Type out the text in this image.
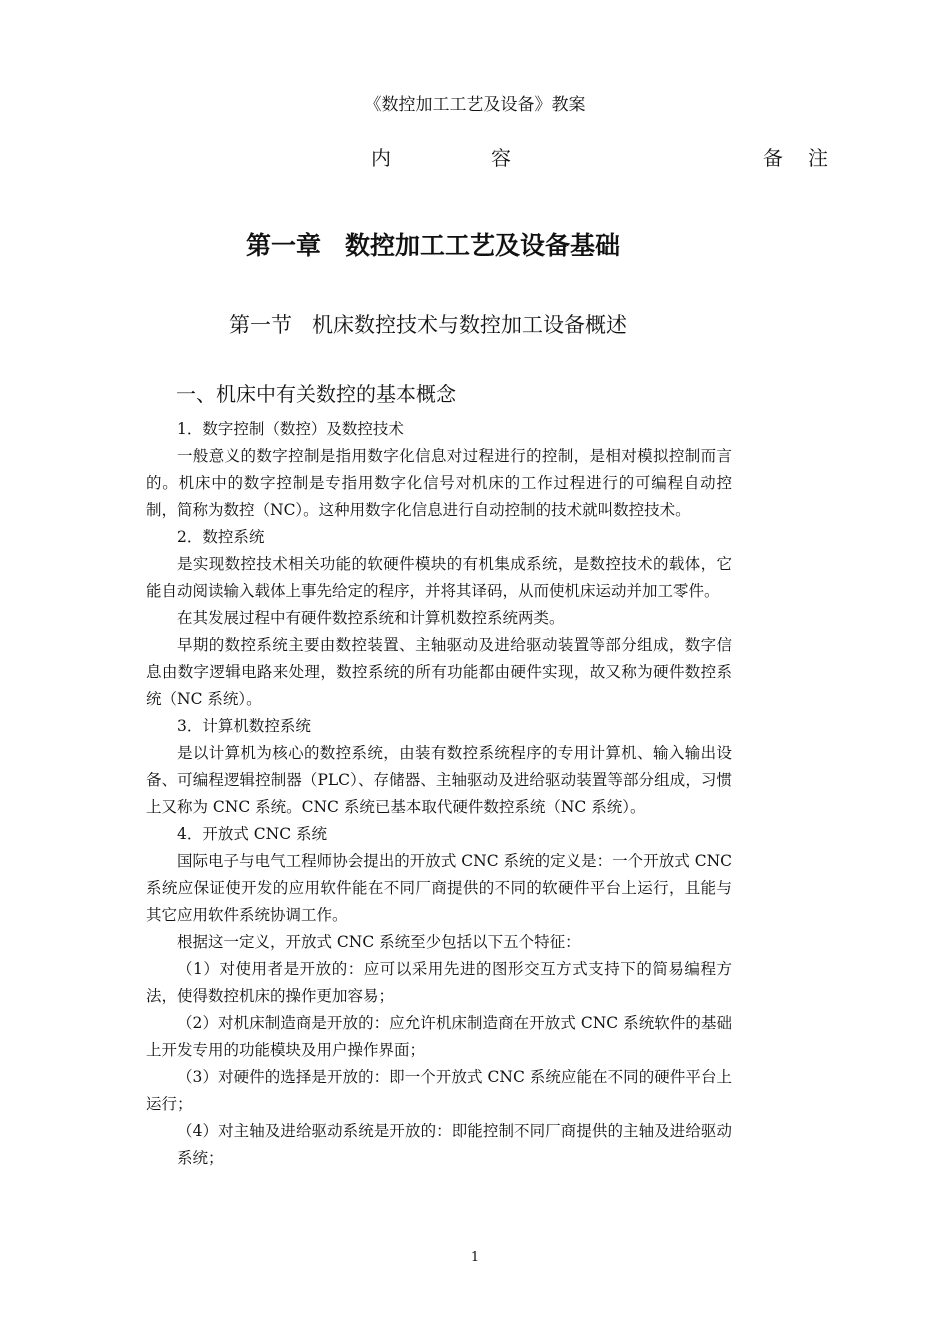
《数控加工工艺及设备》教案
内	容	备 注
第一章 数控加工工艺及设备基础
第一节 机床数控技术与数控加工设备概述
一、机床中有关数控的基本概念

1．数字控制（数控）及数控技术

一般意义的数字控制是指用数字化信息对过程进行的控制，是相对模拟控制而言的。机床中的数字控制是专指用数字化信号对机床的工作过程进行的可编程自动控制，简称为数控（NC）。这种用数字化信息进行自动控制的技术就叫数控技术。

2．数控系统

是实现数控技术相关功能的软硬件模块的有机集成系统，是数控技术的载体，它能自动阅读输入载体上事先给定的程序，并将其译码，从而使机床运动并加工零件。

在其发展过程中有硬件数控系统和计算机数控系统两类。

早期的数控系统主要由数控装置、主轴驱动及进给驱动装置等部分组成，数字信息由数字逻辑电路来处理，数控系统的所有功能都由硬件实现，故又称为硬件数控系统（NC 系统）。

3．计算机数控系统

是以计算机为核心的数控系统，由装有数控系统程序的专用计算机、输入输出设备、可编程逻辑控制器（PLC）、存储器、主轴驱动及进给驱动装置等部分组成，习惯上又称为 CNC 系统。CNC 系统已基本取代硬件数控系统（NC 系统）。

4．开放式 CNC 系统

国际电子与电气工程师协会提出的开放式 CNC 系统的定义是：一个开放式 CNC 系统应保证使开发的应用软件能在不同厂商提供的不同的软硬件平台上运行，且能与其它应用软件系统协调工作。

根据这一定义，开放式 CNC 系统至少包括以下五个特征：

（1）对使用者是开放的：应可以采用先进的图形交互方式支持下的简易编程方法，使得数控机床的操作更加容易；

（2）对机床制造商是开放的：应允许机床制造商在开放式 CNC 系统软件的基础上开发专用的功能模块及用户操作界面；

（3）对硬件的选择是开放的：即一个开放式 CNC 系统应能在不同的硬件平台上运行；

（4）对主轴及进给驱动系统是开放的：即能控制不同厂商提供的主轴及进给驱动系统；

1
